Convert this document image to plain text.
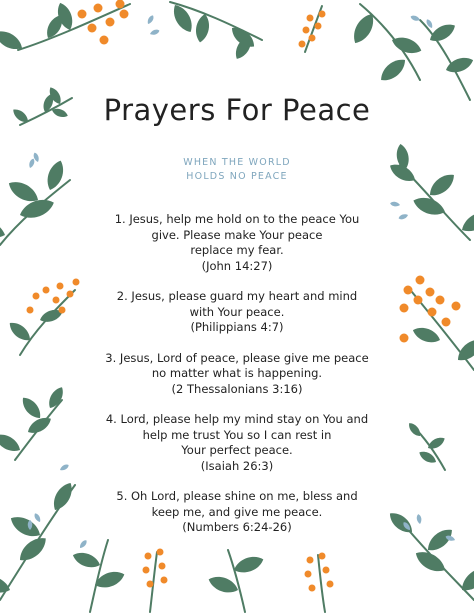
Prayers For Peace
WHEN THE WORLD
HOLDS NO PEACE
1. Jesus, help me hold on to the peace You
give. Please make Your peace
replace my fear.
(John 14:27)
2. Jesus, please guard my heart and mind
with Your peace.
(Philippians 4:7)
3. Jesus, Lord of peace, please give me peace
no matter what is happening.
(2 Thessalonians 3:16)
4. Lord, please help my mind stay on You and
help me trust You so I can rest in
Your perfect peace.
(Isaiah 26:3)
5. Oh Lord, please shine on me, bless and
keep me, and give me peace.
(Numbers 6:24-26)
